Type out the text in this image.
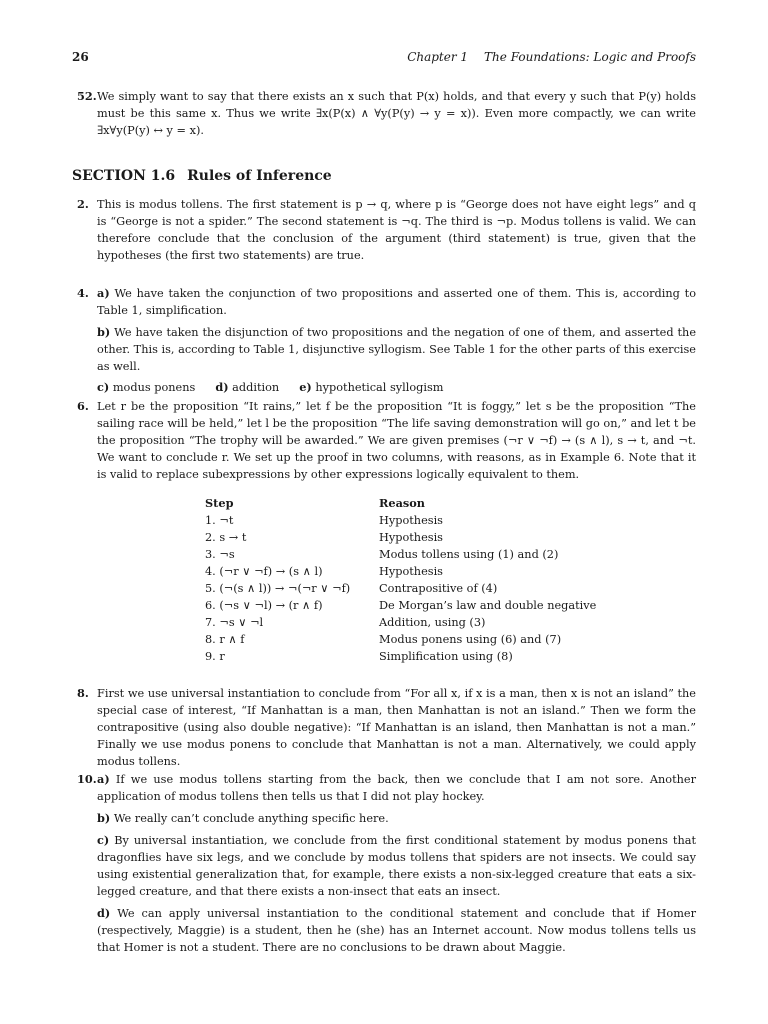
26	Chapter 1 The Foundations: Logic and Proofs
52. We simply want to say that there exists an x such that P(x) holds, and that every y such that P(y) holds must be this same x. Thus we write ∃x(P(x) ∧ ∀y(P(y) → y = x)). Even more compactly, we can write ∃x∀y(P(y) ↔ y = x).

SECTION 1.6 Rules of Inference
2. This is modus tollens. The first statement is p → q, where p is “George does not have eight legs” and q is “George is not a spider.” The second statement is ¬q. The third is ¬p. Modus tollens is valid. We can therefore conclude that the conclusion of the argument (third statement) is true, given that the hypotheses (the first two statements) are true.

4. a) We have taken the conjunction of two propositions and asserted one of them. This is, according to Table 1, simplification.

b) We have taken the disjunction of two propositions and the negation of one of them, and asserted the other. This is, according to Table 1, disjunctive syllogism. See Table 1 for the other parts of this exercise as well.

c) modus ponens d) addition e) hypothetical syllogism
6. Let r be the proposition “It rains,” let f be the proposition “It is foggy,” let s be the proposition “The sailing race will be held,” let l be the proposition “The life saving demonstration will go on,” and let t be the proposition “The trophy will be awarded.” We are given premises (¬r ∨ ¬f) → (s ∧ l), s → t, and ¬t. We want to conclude r. We set up the proof in two columns, with reasons, as in Example 6. Note that it is valid to replace subexpressions by other expressions logically equivalent to them.

Step	Reason
1. ¬t	Hypothesis
2. s → t	Hypothesis
3. ¬s	Modus tollens using (1) and (2)
4. (¬r ∨ ¬f) → (s ∧ l)	Hypothesis
5. (¬(s ∧ l)) → ¬(¬r ∨ ¬f)	Contrapositive of (4)
6. (¬s ∨ ¬l) → (r ∧ f)	De Morgan’s law and double negative
7. ¬s ∨ ¬l	Addition, using (3)
8. r ∧ f	Modus ponens using (6) and (7)
9. r	Simplification using (8)
8. First we use universal instantiation to conclude from “For all x, if x is a man, then x is not an island” the special case of interest, “If Manhattan is a man, then Manhattan is not an island.” Then we form the contrapositive (using also double negative): “If Manhattan is an island, then Manhattan is not a man.” Finally we use modus ponens to conclude that Manhattan is not a man. Alternatively, we could apply modus tollens.

10. a) If we use modus tollens starting from the back, then we conclude that I am not sore. Another application of modus tollens then tells us that I did not play hockey.

b) We really can’t conclude anything specific here.

c) By universal instantiation, we conclude from the first conditional statement by modus ponens that dragonflies have six legs, and we conclude by modus tollens that spiders are not insects. We could say using existential generalization that, for example, there exists a non-six-legged creature that eats a six-legged creature, and that there exists a non-insect that eats an insect.

d) We can apply universal instantiation to the conditional statement and conclude that if Homer (respectively, Maggie) is a student, then he (she) has an Internet account. Now modus tollens tells us that Homer is not a student. There are no conclusions to be drawn about Maggie.
